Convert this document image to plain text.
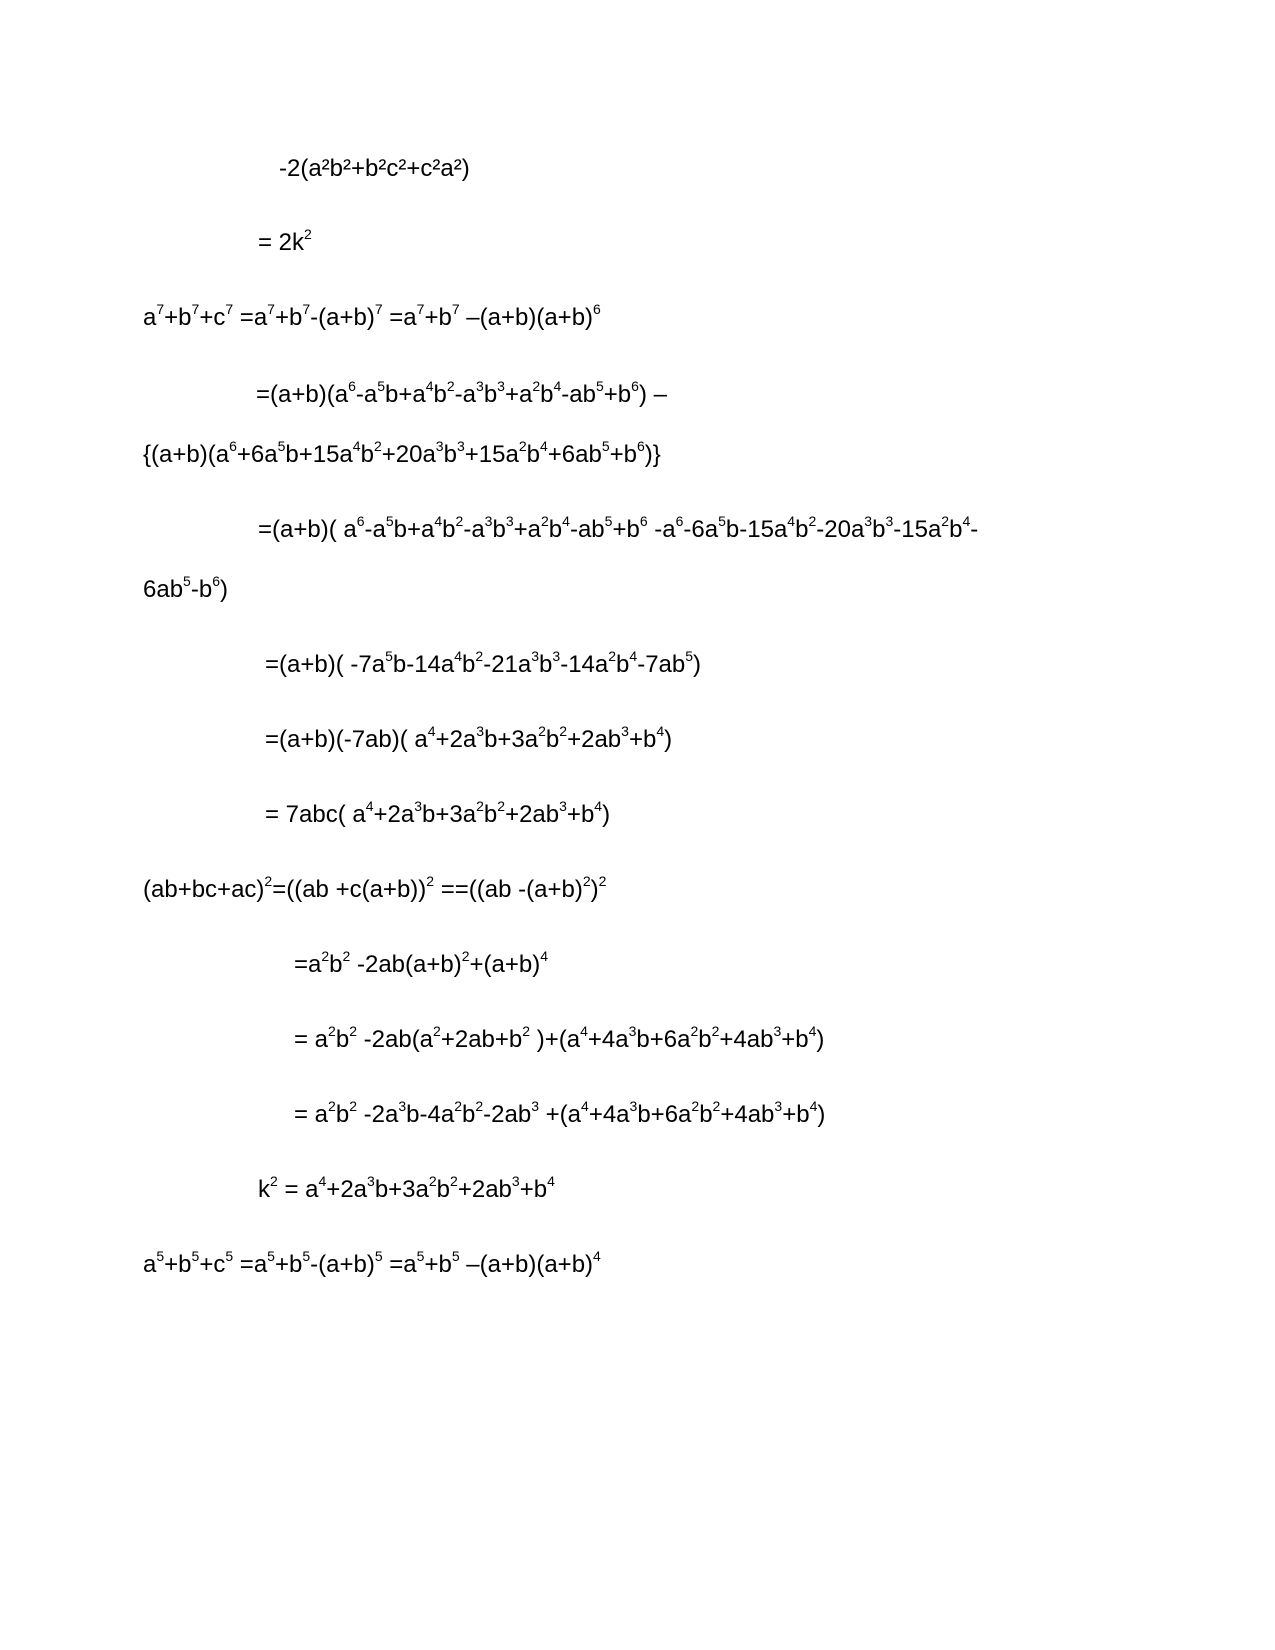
-2(a²b²+b²c²+c²a²)
= $2k^2$
$a^7+b^7+c^7 =a^7+b^7-(a+b)^7 =a^7+b^7$ $-(a+b)(a+b)^6$
$=(a+b)(a^6-a^5b+a^4b^2-a^3b^3+a^2b^4-ab^5+b^6)$ –
$\{(a+b)(a^6+6a^5b+15a^4b^2+20a^3b^3+15a^2b^4+6ab^5+b^6)\}$
=(a+b)( $a^6-a^5b+a^4b^2-a^3b^3+a^2b^4-ab^5+b^6$ $-a^6-6a^5b-15a^4b^2-20a^3b^3-15a^2b^4-$
$6ab^5-b^6$)
=(a+b)( $-7a^5b-14a^4b^2-21a^3b^3-14a^2b^4-7ab^5$)
=(a+b)(-7ab)( $a^4+2a^3b+3a^2b^2+2ab^3+b^4$)
= 7abc( $a^4+2a^3b+3a^2b^2+2ab^3+b^4$)
$(ab+bc+ac)^2=((ab +c(a+b))^2 ==((ab$ $-(a+b)^2)^2$
$=a^2b^2$ $-2ab(a+b)^2+(a+b)^4$
= $a^2b^2$ $-2ab(a^2+2ab+b^2$ )$+(a^4+4a^3b+6a^2b^2+4ab^3+b^4)$
= $a^2b^2$ $-2a^3b-4a^2b^2-2ab^3 +(a^4+4a^3b+6a^2b^2+4ab^3+b^4)$
$k^2 = a^4+2a^3b+3a^2b^2+2ab^3+b^4$
$a^5+b^5+c^5 =a^5+b^5-(a+b)^5 =a^5+b^5$ $-(a+b)(a+b)^4$
